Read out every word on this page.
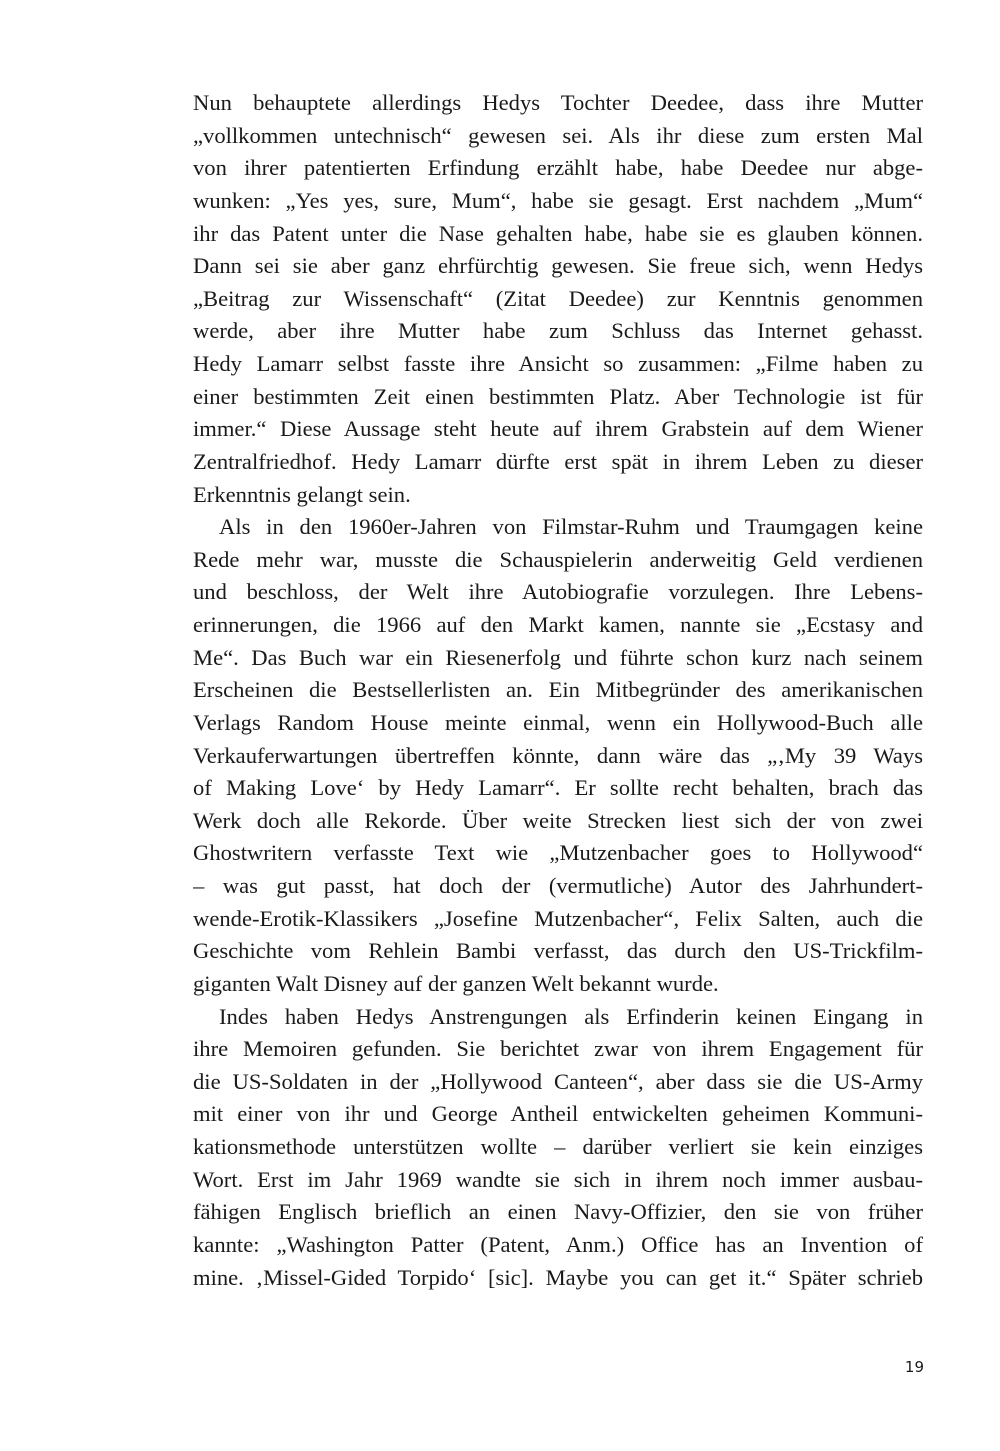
Nun behauptete allerdings Hedys Tochter Deedee, dass ihre Mutter
„vollkommen untechnisch“ gewesen sei. Als ihr diese zum ersten Mal
von ihrer patentierten Erfindung erzählt habe, habe Deedee nur abge-
wunken: „Yes yes, sure, Mum“, habe sie gesagt. Erst nachdem „Mum“
ihr das Patent unter die Nase gehalten habe, habe sie es glauben können.
Dann sei sie aber ganz ehrfürchtig gewesen. Sie freue sich, wenn Hedys
„Beitrag zur Wissenschaft“ (Zitat Deedee) zur Kenntnis genommen
werde, aber ihre Mutter habe zum Schluss das Internet gehasst.
Hedy Lamarr selbst fasste ihre Ansicht so zusammen: „Filme haben zu
einer bestimmten Zeit einen bestimmten Platz. Aber Technologie ist für
immer.“ Diese Aussage steht heute auf ihrem Grabstein auf dem Wiener
Zentralfriedhof. Hedy Lamarr dürfte erst spät in ihrem Leben zu dieser
Erkenntnis gelangt sein.
Als in den 1960er-Jahren von Filmstar-Ruhm und Traumgagen keine
Rede mehr war, musste die Schauspielerin anderweitig Geld verdienen
und beschloss, der Welt ihre Autobiografie vorzulegen. Ihre Lebens-
erinnerungen, die 1966 auf den Markt kamen, nannte sie „Ecstasy and
Me“. Das Buch war ein Riesenerfolg und führte schon kurz nach seinem
Erscheinen die Bestsellerlisten an. Ein Mitbegründer des amerikanischen
Verlags Random House meinte einmal, wenn ein Hollywood-Buch alle
Verkauferwartungen übertreffen könnte, dann wäre das „‚My 39 Ways
of Making Love‘ by Hedy Lamarr“. Er sollte recht behalten, brach das
Werk doch alle Rekorde. Über weite Strecken liest sich der von zwei
Ghostwritern verfasste Text wie „Mutzenbacher goes to Hollywood“
– was gut passt, hat doch der (vermutliche) Autor des Jahrhundert-
wende-Erotik-Klassikers „Josefine Mutzenbacher“, Felix Salten, auch die
Geschichte vom Rehlein Bambi verfasst, das durch den US-Trickfilm-
giganten Walt Disney auf der ganzen Welt bekannt wurde.
Indes haben Hedys Anstrengungen als Erfinderin keinen Eingang in
ihre Memoiren gefunden. Sie berichtet zwar von ihrem Engagement für
die US-Soldaten in der „Hollywood Canteen“, aber dass sie die US-Army
mit einer von ihr und George Antheil entwickelten geheimen Kommuni-
kationsmethode unterstützen wollte – darüber verliert sie kein einziges
Wort. Erst im Jahr 1969 wandte sie sich in ihrem noch immer ausbau-
fähigen Englisch brieflich an einen Navy-Offizier, den sie von früher
kannte: „Washington Patter (Patent, Anm.) Office has an Invention of
mine. ‚Missel-Gided Torpido‘ [sic]. Maybe you can get it.“ Später schrieb
19
